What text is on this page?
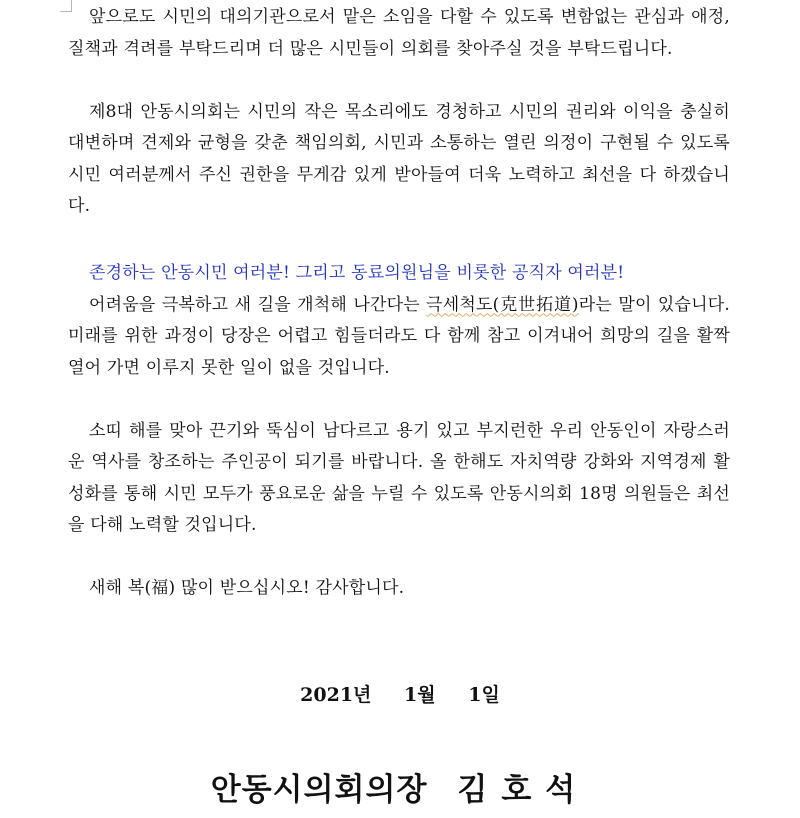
앞으로도 시민의 대의기관으로서 맡은 소임을 다할 수 있도록 변함없는 관심과 애정, 질책과 격려를 부탁드리며 더 많은 시민들이 의회를 찾아주실 것을 부탁드립니다.

제8대 안동시의회는 시민의 작은 목소리에도 경청하고 시민의 권리와 이익을 충실히 대변하며 견제와 균형을 갖춘 책임의회, 시민과 소통하는 열린 의정이 구현될 수 있도록 시민 여러분께서 주신 권한을 무게감 있게 받아들여 더욱 노력하고 최선을 다 하겠습니다.

존경하는 안동시민 여러분! 그리고 동료의원님을 비롯한 공직자 여러분!

어려움을 극복하고 새 길을 개척해 나간다는 극세척도(克世拓道)라는 말이 있습니다. 미래를 위한 과정이 당장은 어렵고 힘들더라도 다 함께 참고 이겨내어 희망의 길을 활짝 열어 가면 이루지 못한 일이 없을 것입니다.

소띠 해를 맞아 끈기와 뚝심이 남다르고 용기 있고 부지런한 우리 안동인이 자랑스러운 역사를 창조하는 주인공이 되기를 바랍니다. 올 한해도 자치역량 강화와 지역경제 활성화를 통해 시민 모두가 풍요로운 삶을 누릴 수 있도록 안동시의회 18명 의원들은 최선을 다해 노력할 것입니다.

새해 복(福) 많이 받으십시오! 감사합니다.

2021년 1월 1일
안동시의회의장 김호석
